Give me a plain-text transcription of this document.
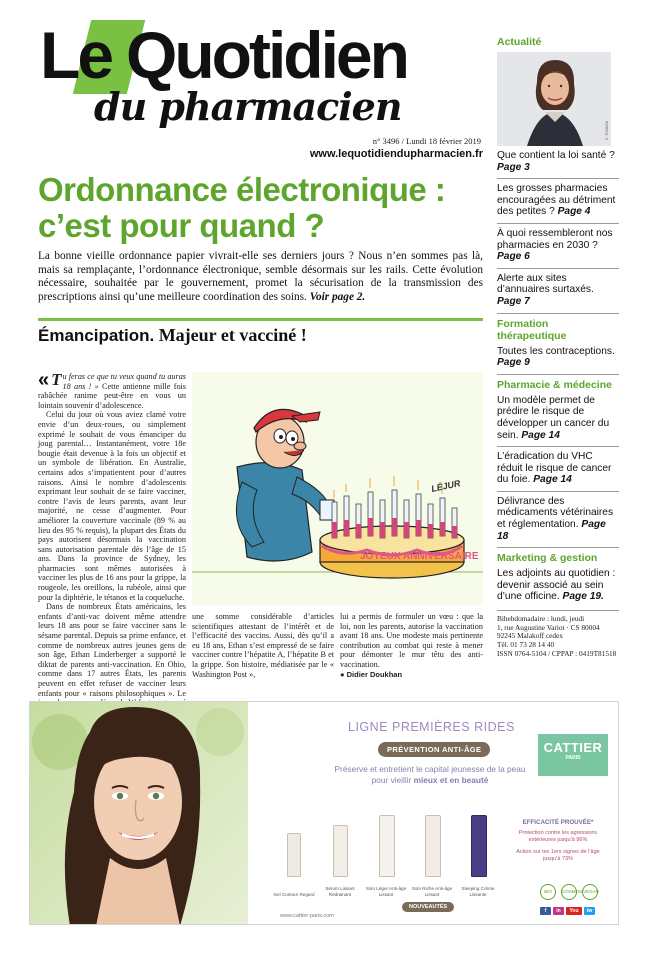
Le Quotidien
du pharmacien
n° 3496 / Lundi 18 février 2019
www.lequotidiendupharmacien.fr
Ordonnance électronique : c’est pour quand ?

La bonne vieille ordonnance papier vivrait-elle ses derniers jours ? Nous n’en sommes pas là, mais sa remplaçante, l’ordonnance électronique, semble désormais sur les rails. Cette évolution nécessaire, souhaitée par le gouvernement, promet la sécurisation de la transmission des prescriptions ainsi qu’une meilleure coordination des soins. Voir page 2.

Émancipation. Majeur et vacciné !

« T u feras ce que tu veux quand tu auras 18 ans ! » Cette antienne mille fois rabâchée ranime peut-être en vous un lointain souvenir d’adolescence.

Celui du jour où vous aviez clamé votre envie d’un deux-roues, ou simplement exprimé le souhait de vous émanciper du joug parental… Instantanément, votre 18e bougie était devenue à la fois un objectif et un symbole de libération. En Australie, certains ados s’impatientent pour d’autres raisons. Ainsi le nombre d’adolescents exprimant leur souhait de se faire vacciner, contre l’avis de leurs parents, avant leur majorité, ne cesse d’augmenter. Pour améliorer la couverture vaccinale (89 % au lieu des 95 % requis), la plupart des États du pays autorisent désormais la vaccination sans autorisation parentale dès l’âge de 15 ans. Dans la province de Sydney, les pharmacies sont mêmes autorisées à vacciner les plus de 16 ans pour la grippe, la rougeole, les oreillons, la rubéole, ainsi que pour la diphtérie, le tétanos et la coqueluche.

Dans de nombreux États américains, les enfants d’anti-vac doivent même attendre leurs 18 ans pour se faire vacciner sans le sésame parental. Depuis sa prime enfance, et comme de nombreux autres jeunes gens de son âge, Ethan Linderberger a supporté le diktat de parents anti-vaccination. En Ohio, comme dans 17 autres États, les parents peuvent en effet refuser de vacciner leurs enfants pour « raisons philosophiques ». Le

JOYEUX ANNIVERSAIRE
LÉJUR
une somme considérable d’articles scientifiques attestant de l’intérêt et de l’efficacité des vaccins. Aussi, dès qu’il a eu 18 ans, Ethan s’est empressé de se faire vacciner contre l’hépatite A, l’hépatite B et la grippe. Son histoire, médiatisée par le « Washington Post »,
lui a permis de formuler un vœu : que la loi, non les parents, autorise la vaccination avant 18 ans. Une modeste mais pertinente contribution au combat qui reste à mener pour démonter le mur têtu des anti-vaccination.
● Didier Doukhan
Actualité
S. TOUBON
Que contient la loi santé ? Page 3
Les grosses pharmacies encouragées au détriment des petites ? Page 4
À quoi ressembleront nos pharmacies en 2030 ? Page 6
Alerte aux sites d’annuaires surtaxés. Page 7
Formation thérapeutique
Toutes les contraceptions. Page 9
Pharmacie & médecine
Un modèle permet de prédire le risque de développer un cancer du sein. Page 14
L’éradication du VHC réduit le risque de cancer du foie. Page 14
Délivrance des médicaments vétérinaires et réglementation. Page 18
Marketing & gestion
Les adjoints au quotidien : devenir associé au sein d’une officine. Page 19.
Bihebdomadaire : lundi, jeudi
1, rue Augustine Variot · CS 80004
92245 Malakoff cedex
Tél. 01 73 28 14 40
ISSN 0764-5104 / CPPAP : 0419T81518
LIGNE PREMIÈRES RIDES
PRÉVENTION ANTI-ÂGE
Préserve et entretient le capital jeunesse de la peau
pour vieillir mieux et en beauté
CATTIER
PARIS
EFFICACITÉ PROUVÉE*
Protection contre les agressions extérieures jusqu’à 86%
Action sur les 1ers signes de l’âge jusqu’à 73%
Gel Contour Regard
Sérum Lissant Redrainant
Soin Léger Anti-âge Lissant
Soin Riche Anti-âge Lissant
Sleeping Crème Lissante
NOUVEAUTÉS
www.cattier-paris.com
BIO	COSMOS VEGAN
f	in	You	tw
